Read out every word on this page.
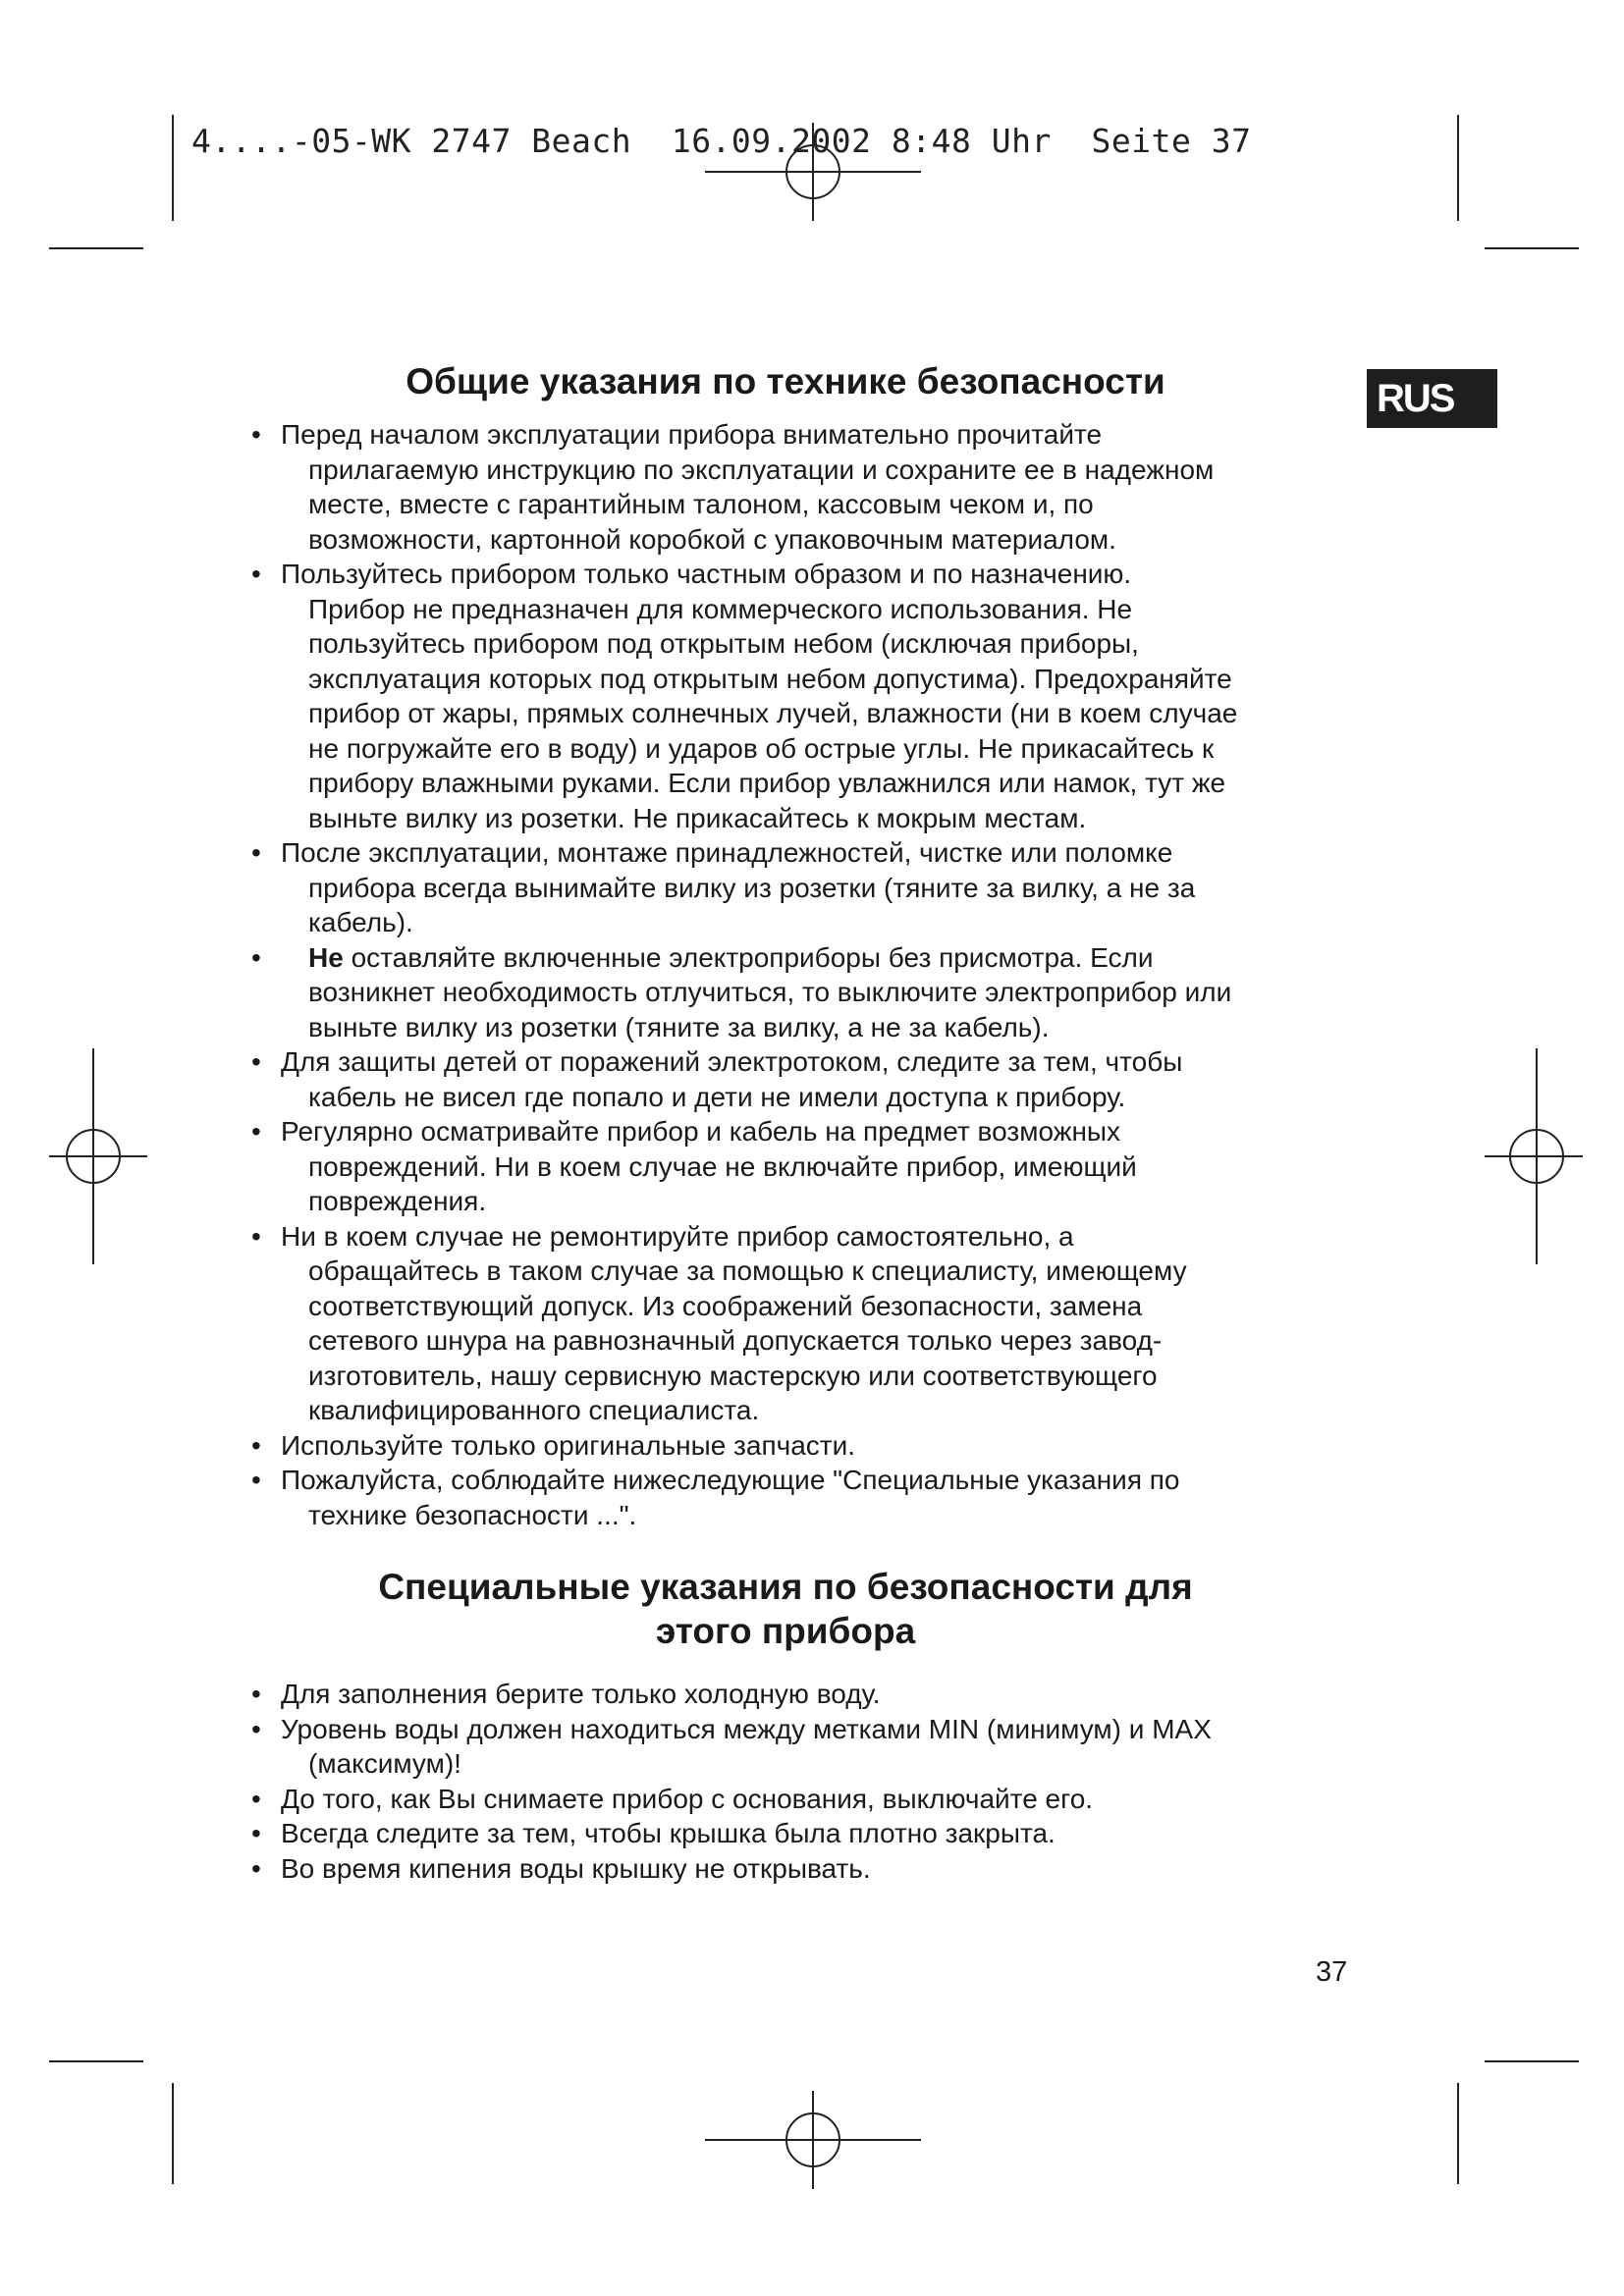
4....-05-WK 2747 Beach  16.09.2002 8:48 Uhr  Seite 37
RUS
Общие указания по технике безопасности
• Перед началом эксплуатации прибора внимательно прочитайте
прилагаемую инструкцию по эксплуатации и сохраните ее в надежном
месте, вместе с гарантийным талоном, кассовым чеком и, по
возможности, картонной коробкой с упаковочным материалом.
• Пользуйтесь прибором только частным образом и по назначению.
Прибор не предназначен для коммерческого использования. Не
пользуйтесь прибором под открытым небом (исключая приборы,
эксплуатация которых под открытым небом допустима). Предохраняйте
прибор от жары, прямых солнечных лучей, влажности (ни в коем случае
не погружайте его в воду) и ударов об острые углы. Не прикасайтесь к
прибору влажными руками. Если прибор увлажнился или намок, тут же
выньте вилку из розетки. Не прикасайтесь к мокрым местам.
• После эксплуатации, монтаже принадлежностей, чистке или поломке
прибора всегда вынимайте вилку из розетки (тяните за вилку, а не за
кабель).
•	Не оставляйте включенные электроприборы без присмотра. Если
возникнет необходимость отлучиться, то выключите электроприбор или
выньте вилку из розетки (тяните за вилку, а не за кабель).
• Для защиты детей от поражений электротоком, следите за тем, чтобы
кабель не висел где попало и дети не имели доступа к прибору.
• Регулярно осматривайте прибор и кабель на предмет возможных
повреждений. Ни в коем случае не включайте прибор, имеющий
повреждения.
• Ни в коем случае не ремонтируйте прибор самостоятельно, а
обращайтесь в таком случае за помощью к специалисту, имеющему
соответствующий допуск. Из соображений безопасности, замена
сетевого шнура на равнозначный допускается только через завод-
изготовитель, нашу сервисную мастерскую или соответствующего
квалифицированного специалиста.
• Используйте только оригинальные запчасти.
• Пожалуйста, соблюдайте нижеследующие "Специальные указания по
технике безопасности ...".
Специальные указания по безопасности для
этого прибора
• Для заполнения берите только холодную воду.
• Уровень воды должен находиться между метками MIN (минимум) и MAX
(максимум)!
• До того, как Вы снимаете прибор с основания, выключайте его.
• Всегда следите за тем, чтобы крышка была плотно закрыта.
• Во время кипения воды крышку не открывать.
37
